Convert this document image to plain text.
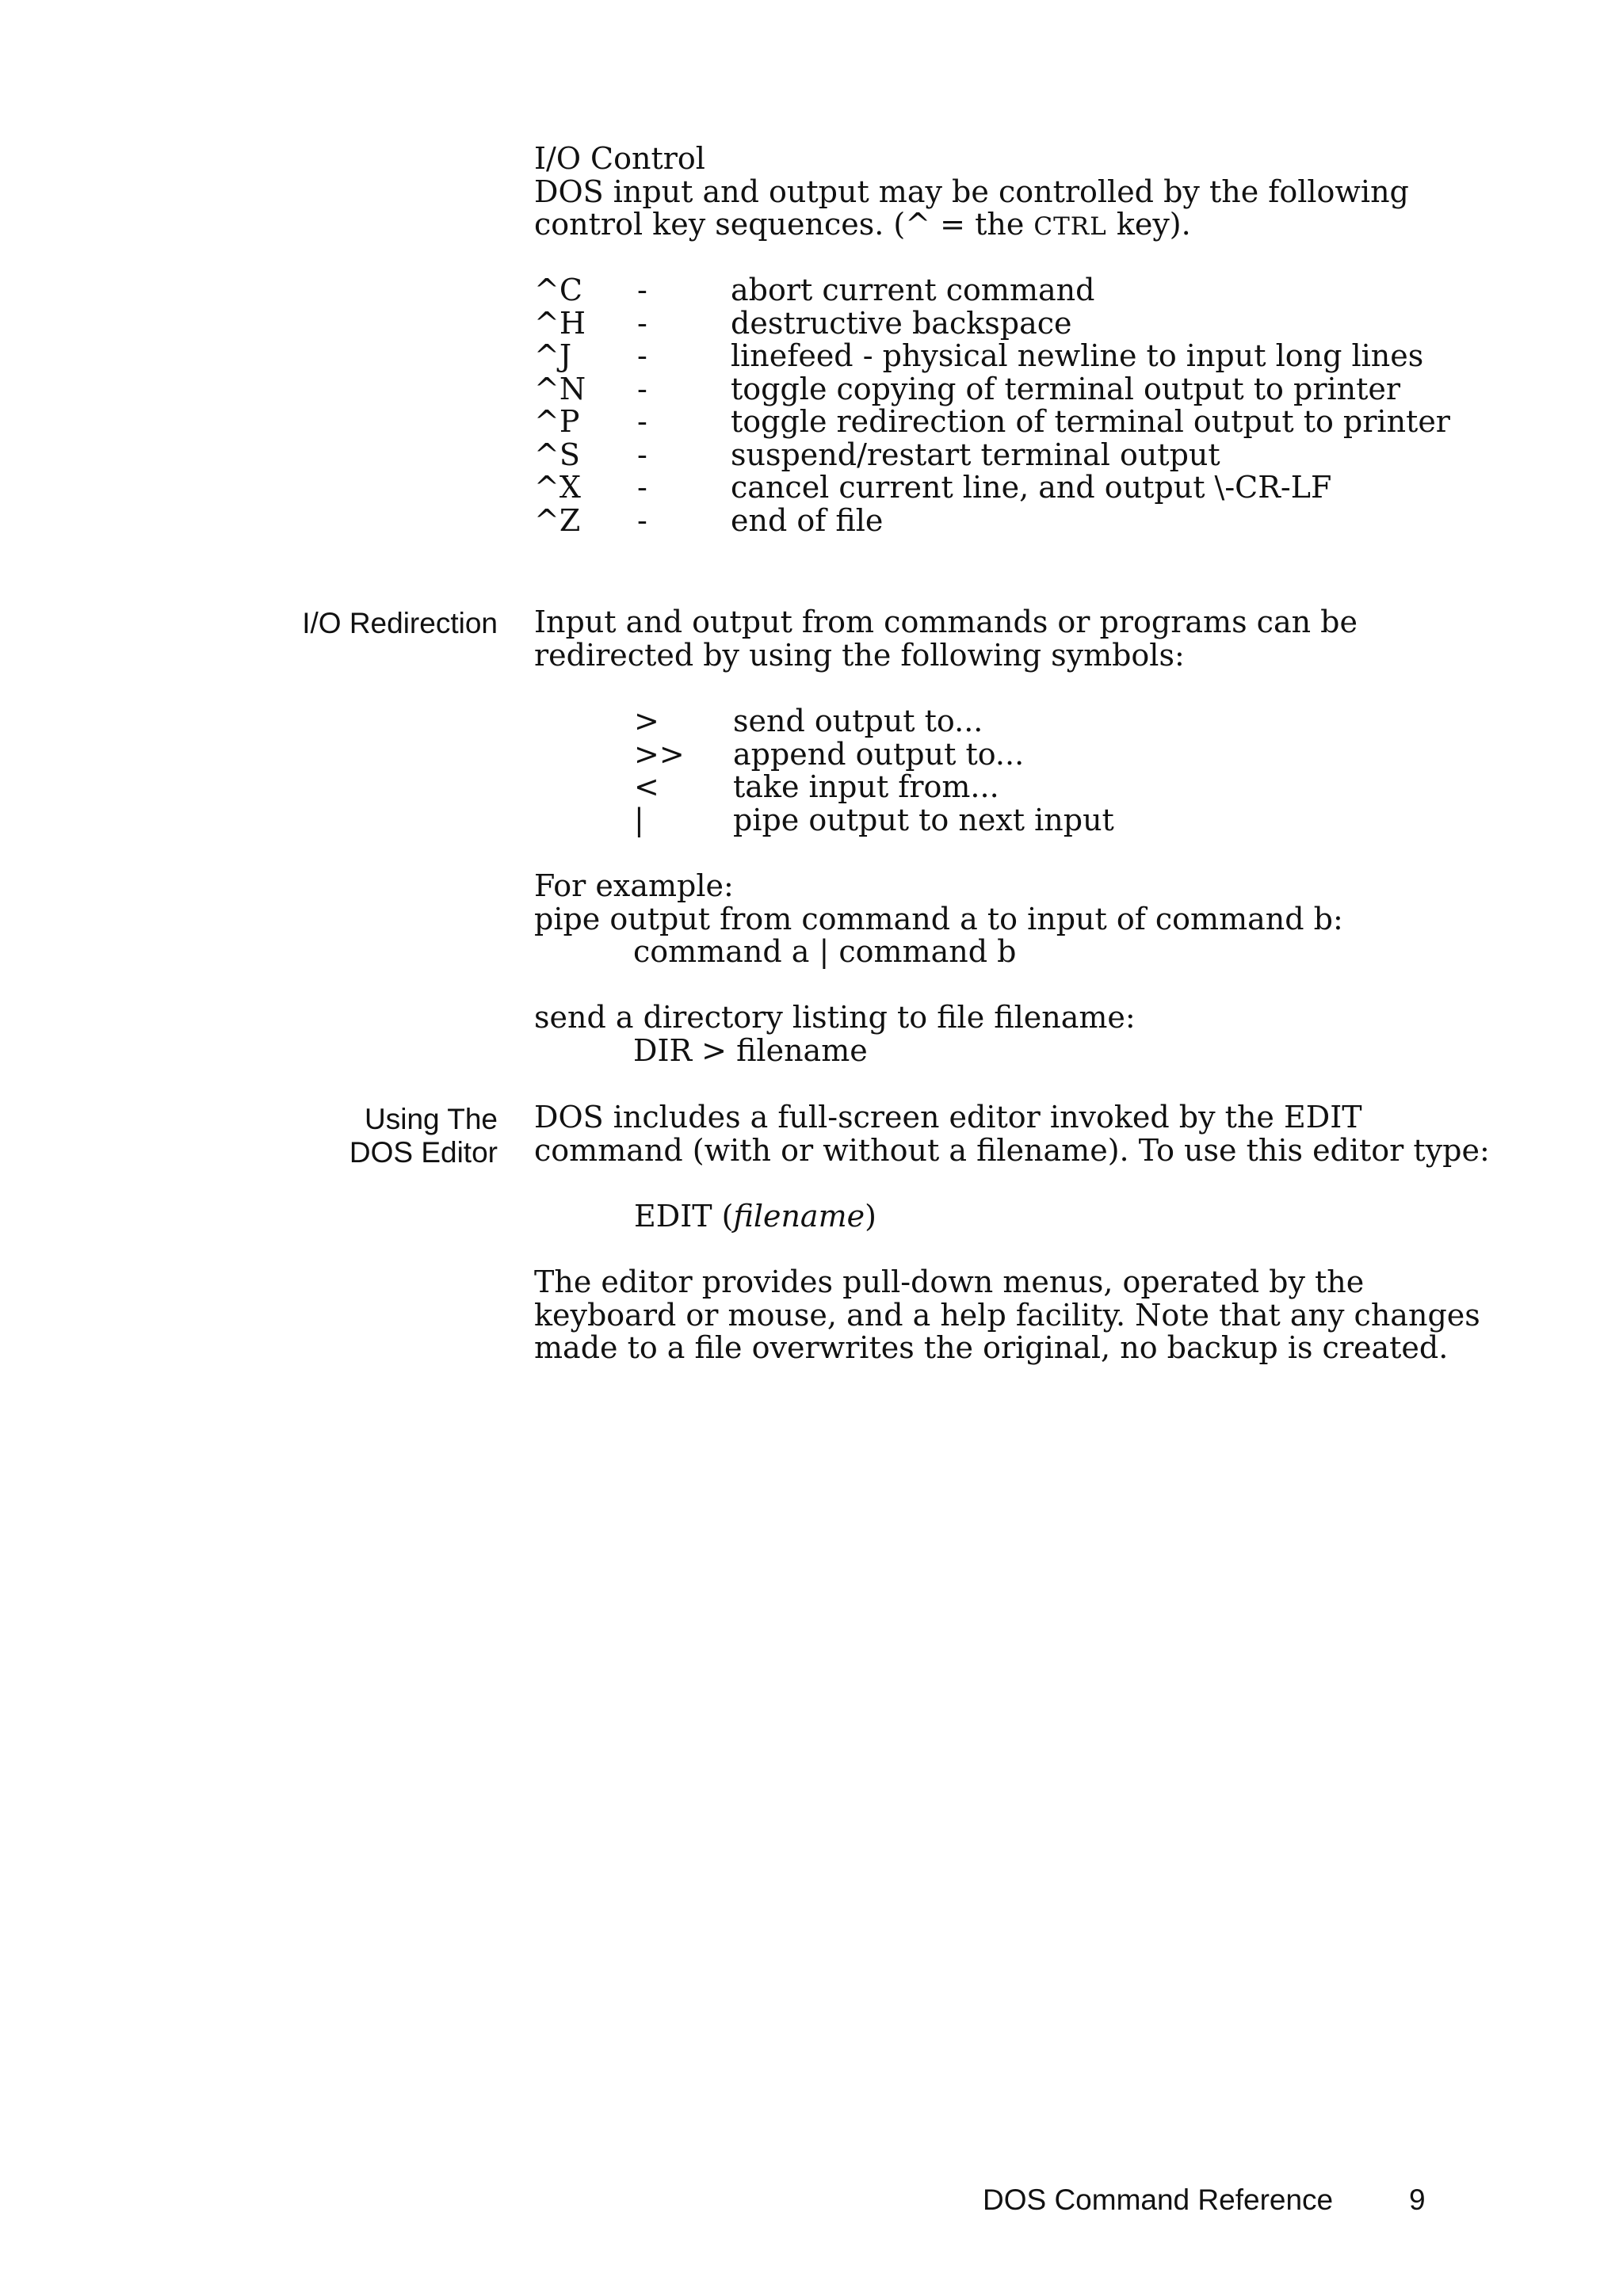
I/O Control
DOS input and output may be controlled by the following
control key sequences. (^ = the CTRL key).
^C -	abort current command
^H -	destructive backspace
^J -	linefeed - physical newline to input long lines
^N -	toggle copying of terminal output to printer
^P -	toggle redirection of terminal output to printer
^S -	suspend/restart terminal output
^X -	cancel current line, and output \-CR-LF
^Z -	end of file
I/O Redirection Input and output from commands or programs can be
redirected by using the following symbols:
> send output to...
>> append output to...
< take input from...
|	pipe output to next input
For example:
pipe output from command a to input of command b:
command a | command b
send a directory listing to file filename:
DIR > filename
Using The
DOS Editor
DOS includes a full-screen editor invoked by the EDIT
command (with or without a filename). To use this editor type:
EDIT (filename)
The editor provides pull-down menus, operated by the
keyboard or mouse, and a help facility. Note that any changes
made to a file overwrites the original, no backup is created.
DOS Command Reference	9
